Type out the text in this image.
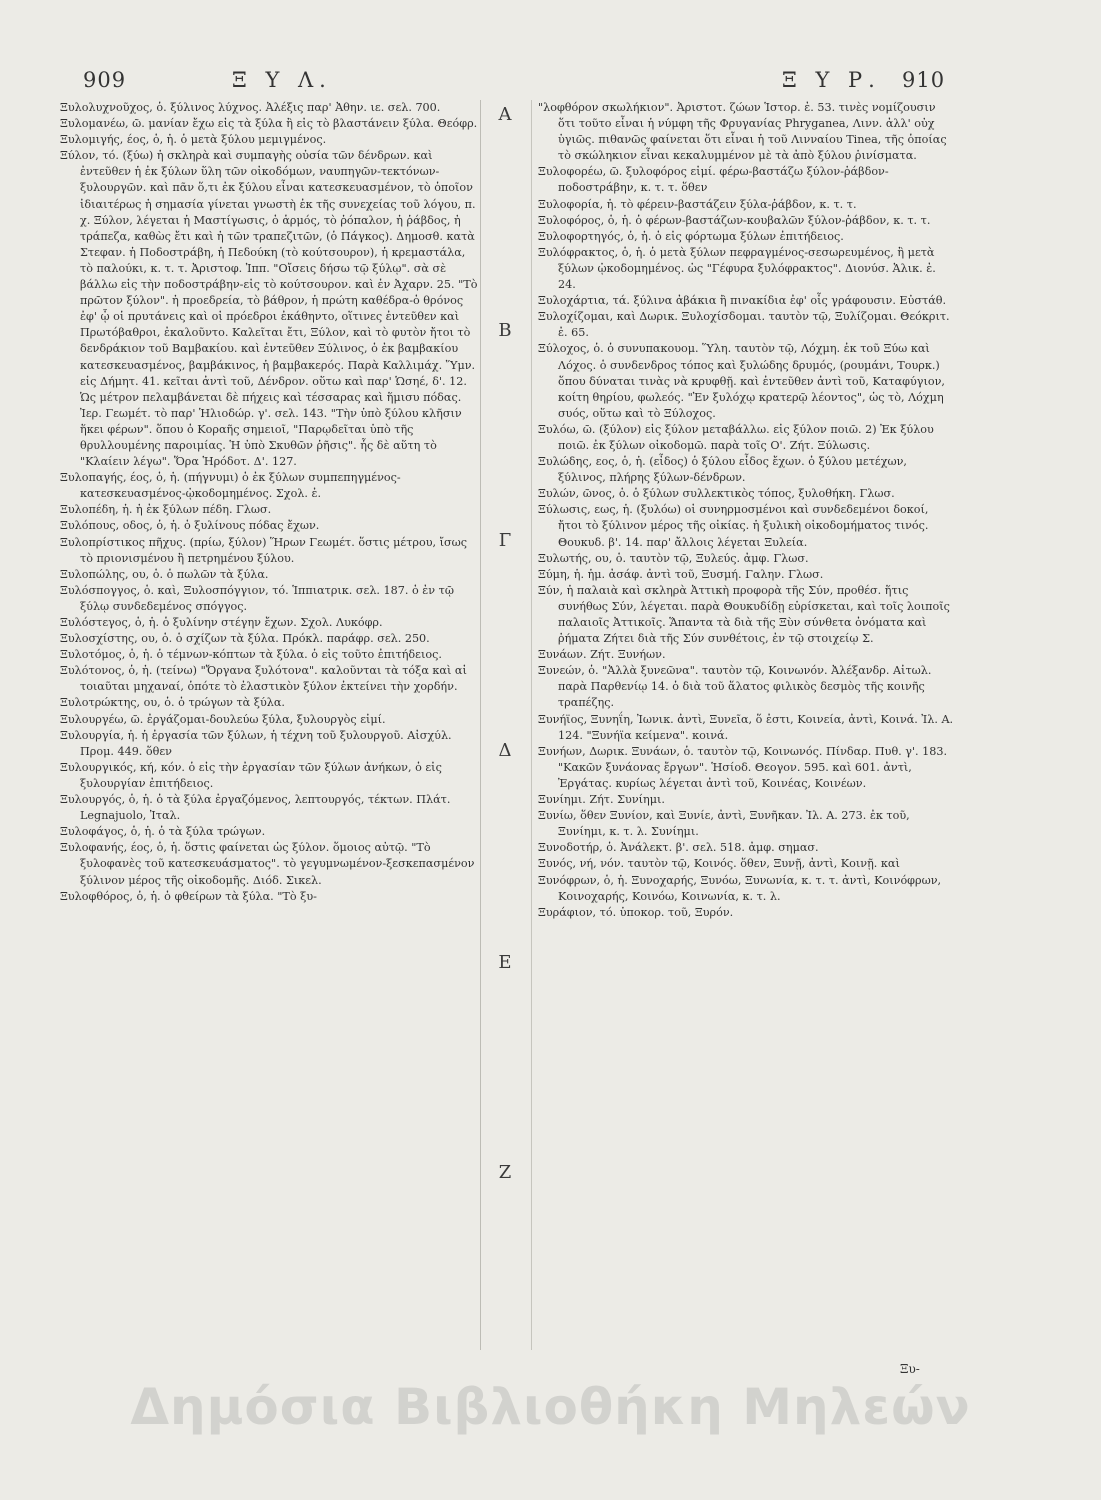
909	Ξ Υ Λ.	Ξ Υ Ρ. 910
Α
Β
Γ
Δ
Ε
Ζ

Ξυλολυχνοῦχος, ὁ. ξύλινος λύχνος. Ἀλέξις παρ' Ἀθην. ιε. σελ. 700.

Ξυλομανέω, ῶ. μανίαν ἔχω εἰς τὰ ξύλα ἢ εἰς τὸ βλαστάνειν ξύλα. Θεόφρ.

Ξυλομιγής, έος, ὁ, ἡ. ὁ μετὰ ξύλου μεμιγμένος.

Ξύλον, τό. (ξύω) ἡ σκληρὰ καὶ συμπαγὴς οὐσία τῶν δένδρων. καὶ ἐντεῦθεν ἡ ἐκ ξύλων ὕλη τῶν οἰκοδόμων, ναυπηγῶν-τεκτόνων-ξυλουργῶν. καὶ πᾶν ὅ,τι ἐκ ξύλου εἶναι κατεσκευασμένον, τὸ ὁποῖον ἰδιαιτέρως ἡ σημασία γίνεται γνωστὴ ἐκ τῆς συνεχείας τοῦ λόγου, π. χ. Ξύλον, λέγεται ἡ Μαστίγωσις, ὁ ἁρμός, τὸ ῥόπαλον, ἡ ῥάβδος, ἡ τράπεζα, καθὼς ἔτι καὶ ἡ τῶν τραπεζιτῶν, (ὁ Πάγκος). Δημοσθ. κατὰ Στεφαν. ἡ Ποδοστράβη, ἡ Πεδούκη (τὸ κούτσουρον), ἡ κρεμαστάλα, τὸ παλούκι, κ. τ. τ. Ἀριστοφ. Ἱππ. "Οἴσεις δήσω τῷ ξύλῳ". σὰ σὲ βάλλω εἰς τὴν ποδοστράβην-εἰς τὸ κούτσουρον. καὶ ἐν Ἀχαρν. 25. "Τὸ πρῶτον ξύλον". ἡ προεδρεία, τὸ βάθρον, ἡ πρώτη καθέδρα-ὁ θρόνος ἐφ' ᾧ οἱ πρυτάνεις καὶ οἱ πρόεδροι ἐκάθηντο, οἵτινες ἐντεῦθεν καὶ Πρωτόβαθροι, ἐκαλοῦντο. Καλεῖται ἔτι, Ξύλον, καὶ τὸ φυτὸν ἤτοι τὸ δενδράκιον τοῦ Βαμβακίου. καὶ ἐντεῦθεν Ξύλινος, ὁ ἐκ βαμβακίου κατεσκευασμένος, βαμβάκινος, ἡ βαμβακερός. Παρὰ Καλλιμάχ. Ὕμν. εἰς Δήμητ. 41. κεῖται ἀντὶ τοῦ, Δένδρον. οὕτω καὶ παρ' Ὡσηέ, δ'. 12. Ὡς μέτρον πελαμβάνεται δὲ πήχεις καὶ τέσσαρας καὶ ἥμισυ πόδας. Ἰερ. Γεωμέτ. τὸ παρ' Ἡλιοδώρ. γ'. σελ. 143. "Τὴν ὑπὸ ξύλου κλῆσιν ἥκει φέρων". ὅπου ὁ Κοραῆς σημειοῖ, "Παρῳδεῖται ὑπὸ τῆς θρυλλουμένης παροιμίας. Ἡ ὑπὸ Σκυθῶν ῥῆσις". ἧς δὲ αὕτη τὸ "Κλαίειν λέγω". Ὅρα Ἡρόδοτ. Δ'. 127.

Ξυλοπαγής, έος, ὁ, ἡ. (πήγνυμι) ὁ ἐκ ξύλων συμπεπηγμένος-κατεσκευασμένος-ᾠκοδομημένος. Σχολ. ἐ.

Ξυλοπέδη, ἡ. ἡ ἐκ ξύλων πέδη. Γλωσ.

Ξυλόπους, οδος, ὁ, ἡ. ὁ ξυλίνους πόδας ἔχων.

Ξυλοπρίστικος πῆχυς. (πρίω, ξύλον) Ἥρων Γεωμέτ. ὅστις μέτρου, ἴσως τὸ πριονισμένου ἢ πετρημένου ξύλου.

Ξυλοπώλης, ου, ὁ. ὁ πωλῶν τὰ ξύλα.

Ξυλόσπογγος, ὁ. καὶ, Ξυλοσπόγγιον, τό. Ἱππιατρικ. σελ. 187. ὁ ἐν τῷ ξύλῳ συνδεδεμένος σπόγγος.

Ξυλόστεγος, ὁ, ἡ. ὁ ξυλίνην στέγην ἔχων. Σχολ. Λυκόφρ.

Ξυλοσχίστης, ου, ὁ. ὁ σχίζων τὰ ξύλα. Πρόκλ. παράφρ. σελ. 250.

Ξυλοτόμος, ὁ, ἡ. ὁ τέμνων-κόπτων τὰ ξύλα. ὁ εἰς τοῦτο ἐπιτήδειος.

Ξυλότονος, ὁ, ἡ. (τείνω) "Ὄργανα ξυλότονα". καλοῦνται τὰ τόξα καὶ αἱ τοιαῦται μηχαναί, ὁπότε τὸ ἐλαστικὸν ξύλον ἐκτείνει τὴν χορδήν.

Ξυλοτρώκτης, ου, ὁ. ὁ τρώγων τὰ ξύλα.

Ξυλουργέω, ῶ. ἐργάζομαι-δουλεύω ξύλα, ξυλουργὸς εἰμί.

Ξυλουργία, ἡ. ἡ ἐργασία τῶν ξύλων, ἡ τέχνη τοῦ ξυλουργοῦ. Αἰσχύλ. Προμ. 449. ὅθεν

Ξυλουργικός, κή, κόν. ὁ εἰς τὴν ἐργασίαν τῶν ξύλων ἀνήκων, ὁ εἰς ξυλουργίαν ἐπιτήδειος.

Ξυλουργός, ὁ, ἡ. ὁ τὰ ξύλα ἐργαζόμενος, λεπτουργός, τέκτων. Πλάτ. Legnajuolo, Ἰταλ.

Ξυλοφάγος, ὁ, ἡ. ὁ τὰ ξύλα τρώγων.

Ξυλοφανής, έος, ὁ, ἡ. ὅστις φαίνεται ὡς ξύλον. ὅμοιος αὐτῷ. "Τὸ ξυλοφανὲς τοῦ κατεσκευάσματος". τὸ γεγυμνωμένον-ξεσκεπασμένον ξύλινον μέρος τῆς οἰκοδομῆς. Διόδ. Σικελ.

Ξυλοφθόρος, ὁ, ἡ. ὁ φθείρων τὰ ξύλα. "Τὸ ξυ-

"λοφθόρον σκωλήκιον". Ἀριστοτ. ζώων Ἱστορ. ἐ. 53. τινὲς νομίζουσιν ὅτι τοῦτο εἶναι ἡ νύμφη τῆς Φρυγανίας Phryganea, Λινν. ἀλλ' οὐχ ὑγιῶς. πιθανῶς φαίνεται ὅτι εἶναι ἡ τοῦ Λινναίου Tinea, τῆς ὁποίας τὸ σκώληκιον εἶναι κεκαλυμμένον μὲ τὰ ἀπὸ ξύλου ῥινίσματα.

Ξυλοφορέω, ῶ. ξυλοφόρος εἰμί. φέρω-βαστάζω ξύλον-ῥάβδον-ποδοστράβην, κ. τ. τ. ὅθεν

Ξυλοφορία, ἡ. τὸ φέρειν-βαστάζειν ξύλα-ῥάβδον, κ. τ. τ.

Ξυλοφόρος, ὁ, ἡ. ὁ φέρων-βαστάζων-κουβαλῶν ξύλον-ῥάβδον, κ. τ. τ.

Ξυλοφορτηγός, ὁ, ἡ. ὁ εἰς φόρτωμα ξύλων ἐπιτήδειος.

Ξυλόφρακτος, ὁ, ἡ. ὁ μετὰ ξύλων πεφραγμένος-σεσωρευμένος, ἢ μετὰ ξύλων ᾠκοδομημένος. ὡς "Γέφυρα ξυλόφρακτος". Διονύσ. Ἁλικ. ἐ. 24.

Ξυλοχάρτια, τά. ξύλινα ἀβάκια ἢ πινακίδια ἐφ' οἷς γράφουσιν. Εὐστάθ.

Ξυλοχίζομαι, καὶ Δωρικ. Ξυλοχίσδομαι. ταυτὸν τῷ, Ξυλίζομαι. Θεόκριτ. ἐ. 65.

Ξύλοχος, ὁ. ὁ συνυπακουομ. Ὕλη. ταυτὸν τῷ, Λόχμη. ἐκ τοῦ Ξύω καὶ Λόχος. ὁ συνδενδρος τόπος καὶ ξυλώδης δρυμός, (ρουμάνι, Τουρκ.) ὅπου δύναται τινὰς νὰ κρυφθῇ. καὶ ἐντεῦθεν ἀντὶ τοῦ, Καταφύγιον, κοίτη θηρίου, φωλεός. "Ἐν ξυλόχῳ κρατερῷ λέοντος", ὡς τὸ, Λόχμη συός, οὕτω καὶ τὸ Ξύλοχος.

Ξυλόω, ῶ. (ξύλον) εἰς ξύλον μεταβάλλω. εἰς ξύλον ποιῶ. 2) Ἐκ ξύλου ποιῶ. ἐκ ξύλων οἰκοδομῶ. παρὰ τοῖς Ο'. Ζήτ. Ξύλωσις.

Ξυλώδης, εος, ὁ, ἡ. (εἶδος) ὁ ξύλου εἶδος ἔχων. ὁ ξύλου μετέχων, ξύλινος, πλήρης ξύλων-δένδρων.

Ξυλών, ῶνος, ὁ. ὁ ξύλων συλλεκτικὸς τόπος, ξυλοθήκη. Γλωσ.

Ξύλωσις, εως, ἡ. (ξυλόω) οἱ συνηρμοσμένοι καὶ συνδεδεμένοι δοκοί, ἤτοι τὸ ξύλινον μέρος τῆς οἰκίας. ἡ ξυλικὴ οἰκοδομήματος τινός. Θουκυδ. β'. 14. παρ' ἄλλοις λέγεται Ξυλεία.

Ξυλωτής, ου, ὁ. ταυτὸν τῷ, Ξυλεύς. ἀμφ. Γλωσ.

Ξύμη, ἡ. ἡμ. ἀσάφ. ἀντὶ τοῦ, Ξυσμή. Γαλην. Γλωσ.

Ξύν, ἡ παλαιὰ καὶ σκληρὰ Ἀττικὴ προφορὰ τῆς Σύν, προθέσ. ἥτις συνήθως Σύν, λέγεται. παρὰ Θουκυδίδῃ εὑρίσκεται, καὶ τοῖς λοιποῖς παλαιοῖς Ἀττικοῖς. Ἅπαντα τὰ διὰ τῆς Ξὺν σύνθετα ὀνόματα καὶ ῥήματα Ζήτει διὰ τῆς Σύν συνθέτοις, ἐν τῷ στοιχείῳ Σ.

Ξυνάων. Ζήτ. Ξυνήων.

Ξυνεών, ὁ. "Ἀλλὰ ξυνεῶνα". ταυτὸν τῷ, Κοινωνόν. Ἀλέξανδρ. Αἰτωλ. παρὰ Παρθενίῳ 14. ὁ διὰ τοῦ ἅλατος φιλικὸς δεσμὸς τῆς κοινῆς τραπέζης.

Ξυνήϊος, Ξυνηΐη, Ἰωνικ. ἀντὶ, Ξυνεῖα, ὅ ἐστι, Κοινεία, ἀντὶ, Κοινά. Ἰλ. Α. 124. "Ξυνήϊα κείμενα". κοινά.

Ξυνήων, Δωρικ. Ξυνάων, ὁ. ταυτὸν τῷ, Κοινωνός. Πίνδαρ. Πυθ. γ'. 183. "Κακῶν ξυνάονας ἔργων". Ἡσίοδ. Θεογον. 595. καὶ 601. ἀντὶ, Ἐργάτας. κυρίως λέγεται ἀντὶ τοῦ, Κοινέας, Κοινέων.

Ξυνίημι. Ζήτ. Συνίημι.

Ξυνίω, ὅθεν Ξυνίον, καὶ Ξυνίε, ἀντὶ, Ξυνῆκαν. Ἰλ. Α. 273. ἐκ τοῦ, Ξυνίημι, κ. τ. λ. Συνίημι.

Ξυνοδοτήρ, ὁ. Ἀνάλεκτ. β'. σελ. 518. ἀμφ. σημασ.

Ξυνός, νή, νόν. ταυτὸν τῷ, Κοινός. ὅθεν, Ξυνῇ, ἀντὶ, Κοινῇ. καὶ

Ξυνόφρων, ὁ, ἡ. Ξυνοχαρής, Ξυνόω, Ξυνωνία, κ. τ. τ. ἀντὶ, Κοινόφρων, Κοινοχαρής, Κοινόω, Κοινωνία, κ. τ. λ.

Ξυράφιον, τό. ὑποκορ. τοῦ, Ξυρόν.

Ξυ-
Δημόσια Βιβλιοθήκη Μηλεών
